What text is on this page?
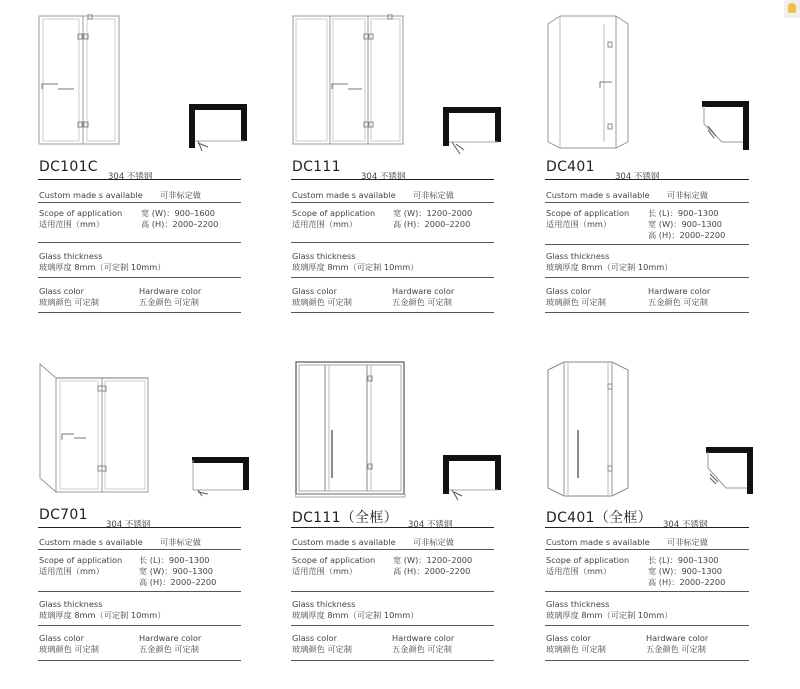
DC101C
304 不锈钢
Custom made s available 可非标定做
Scope of application
适用范围（mm）
宽 (W)：900–1600
高 (H)：2000–2200
Glass thickness
玻璃厚度 8mm（可定制 10mm）
Glass color
玻璃颜色 可定制
Hardware color
五金颜色 可定制
DC111
304 不锈钢
Custom made s available 可非标定做
Scope of application
适用范围（mm）
宽 (W)：1200–2000
高 (H)：2000–2200
Glass thickness
玻璃厚度 8mm（可定制 10mm）
Glass color
玻璃颜色 可定制
Hardware color
五金颜色 可定制
DC401
304 不锈钢
Custom made s available 可非标定做
Scope of application
适用范围（mm）
长 (L)：900–1300
宽 (W)：900–1300
高 (H)：2000–2200
Glass thickness
玻璃厚度 8mm（可定制 10mm）
Glass color
玻璃颜色 可定制
Hardware color
五金颜色 可定制
DC701
304 不锈钢
Custom made s available 可非标定做
Scope of application
适用范围（mm）
长 (L)：900–1300
宽 (W)：900–1300
高 (H)：2000–2200
Glass thickness
玻璃厚度 8mm（可定制 10mm）
Glass color
玻璃颜色 可定制
Hardware color
五金颜色 可定制
DC111（全框） 304 不锈钢
Custom made s available 可非标定做
Scope of application
适用范围（mm）
宽 (W)：1200–2000
高 (H)：2000–2200
Glass thickness
玻璃厚度 8mm（可定制 10mm）
Glass color
玻璃颜色 可定制
Hardware color
五金颜色 可定制
DC401（全框） 304 不锈钢
Custom made s available 可非标定做
Scope of application
适用范围（mm）
长 (L)：900–1300
宽 (W)：900–1300
高 (H)：2000–2200
Glass thickness
玻璃厚度 8mm（可定制 10mm）
Glass color
玻璃颜色 可定制
Hardware color
五金颜色 可定制
